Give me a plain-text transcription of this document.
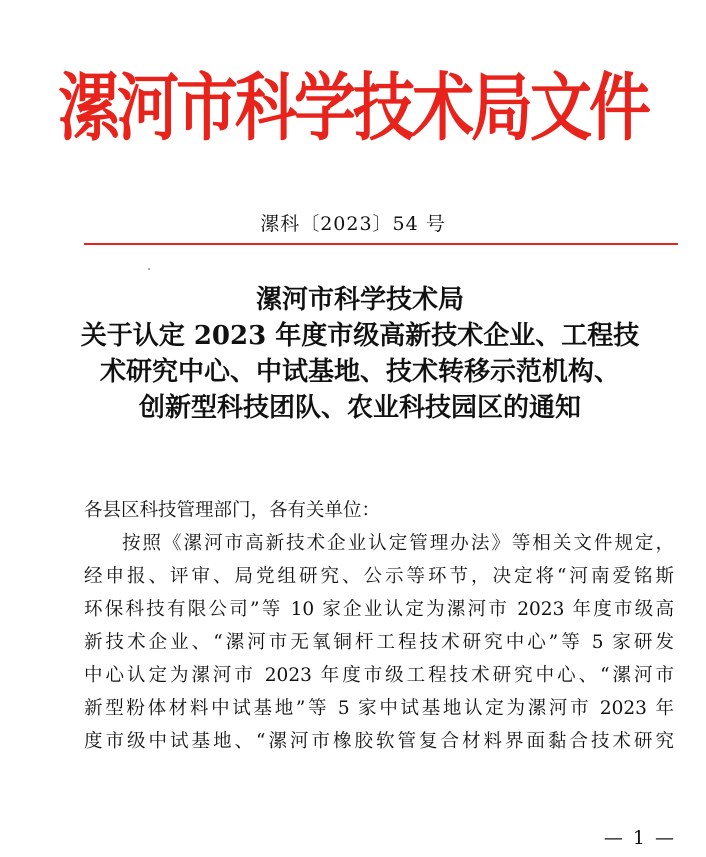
漯河市科学技术局文件
漯科〔2023〕54 号
漯河市科学技术局
关于认定 2023 年度市级高新技术企业、工程技
术研究中心、中试基地、技术转移示范机构、
创新型科技团队、农业科技园区的通知
各县区科技管理部门，各有关单位：
按照《漯河市高新技术企业认定管理办法》等相关文件规定，
经申报、评审、局党组研究、公示等环节，决定将“河南爱铭斯
环保科技有限公司”等 10 家企业认定为漯河市 2023 年度市级高
新技术企业、“漯河市无氧铜杆工程技术研究中心”等 5 家研发
中心认定为漯河市 2023 年度市级工程技术研究中心、“漯河市
新型粉体材料中试基地”等 5 家中试基地认定为漯河市 2023 年
度市级中试基地、“漯河市橡胶软管复合材料界面黏合技术研究
— 1 —
